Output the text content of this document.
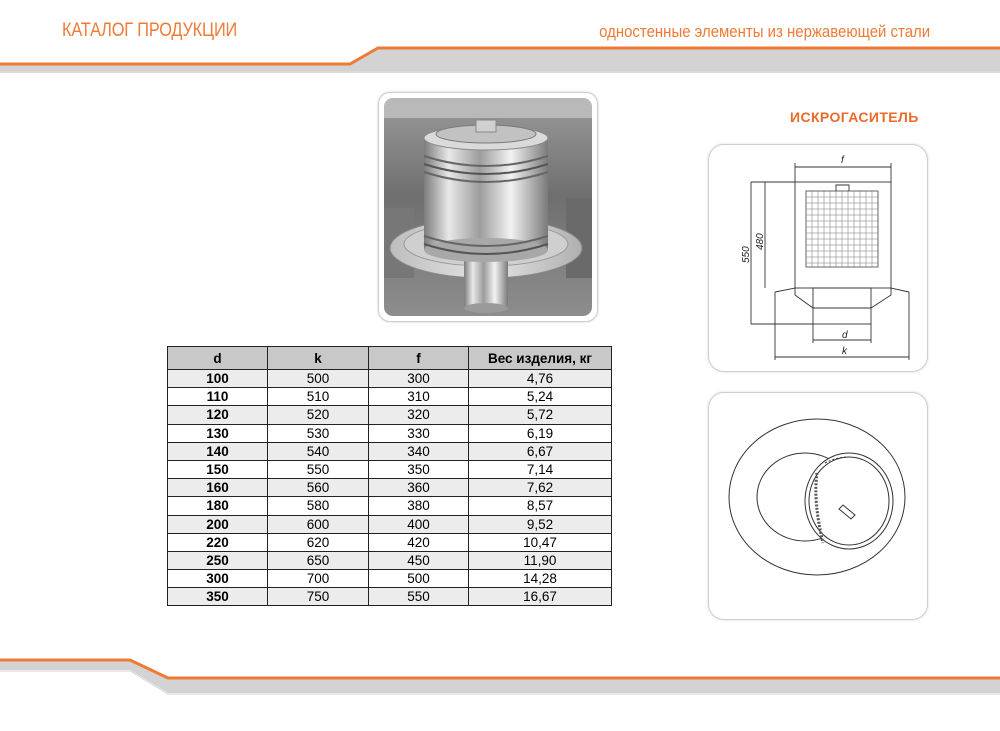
КАТАЛОГ ПРОДУКЦИИ	одностенные элементы из нержавеющей стали
ИСКРОГАСИТЕЛЬ
f
d
k
550
480
d	k	f	Вес изделия, кг
100	500	300	4,76
110	510	310	5,24
120	520	320	5,72
130	530	330	6,19
140	540	340	6,67
150	550	350	7,14
160	560	360	7,62
180	580	380	8,57
200	600	400	9,52
220	620	420	10,47
250	650	450	11,90
300	700	500	14,28
350	750	550	16,67
